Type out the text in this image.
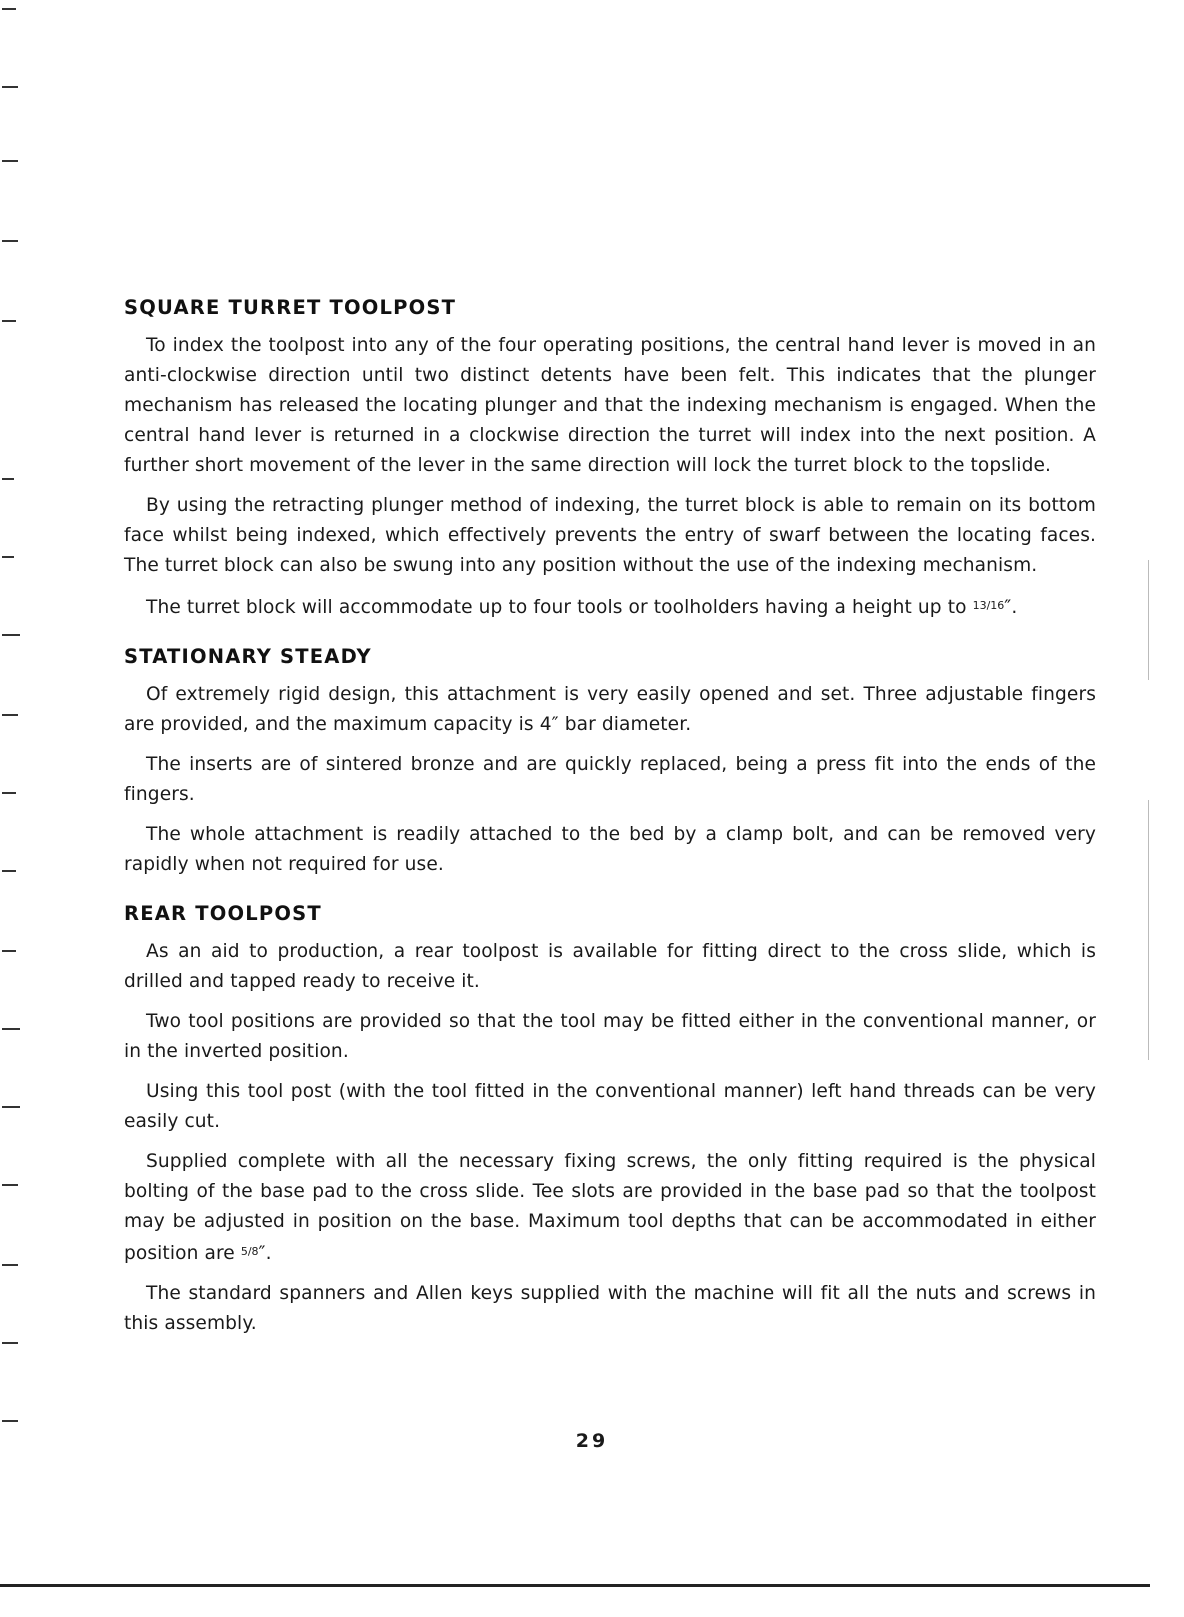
SQUARE TURRET TOOLPOST

To index the toolpost into any of the four operating positions, the central hand lever is moved in an anti-clockwise direction until two distinct detents have been felt. This indicates that the plunger mechanism has released the locating plunger and that the indexing mechanism is engaged. When the central hand lever is returned in a clockwise direction the turret will index into the next position. A further short movement of the lever in the same direction will lock the turret block to the topslide.

By using the retracting plunger method of indexing, the turret block is able to remain on its bottom face whilst being indexed, which effectively prevents the entry of swarf between the locating faces. The turret block can also be swung into any position without the use of the indexing mechanism.

The turret block will accommodate up to four tools or toolholders having a height up to $^{13/16}$″.

STATIONARY STEADY

Of extremely rigid design, this attachment is very easily opened and set. Three adjustable fingers are provided, and the maximum capacity is 4″ bar diameter.

The inserts are of sintered bronze and are quickly replaced, being a press fit into the ends of the fingers.

The whole attachment is readily attached to the bed by a clamp bolt, and can be removed very rapidly when not required for use.

REAR TOOLPOST

As an aid to production, a rear toolpost is available for fitting direct to the cross slide, which is drilled and tapped ready to receive it.

Two tool positions are provided so that the tool may be fitted either in the conventional manner, or in the inverted position.

Using this tool post (with the tool fitted in the conventional manner) left hand threads can be very easily cut.

Supplied complete with all the necessary fixing screws, the only fitting required is the physical bolting of the base pad to the cross slide. Tee slots are provided in the base pad so that the toolpost may be adjusted in position on the base. Maximum tool depths that can be accommodated in either position are $^{5/8}$″.

The standard spanners and Allen keys supplied with the machine will fit all the nuts and screws in this assembly.

29
